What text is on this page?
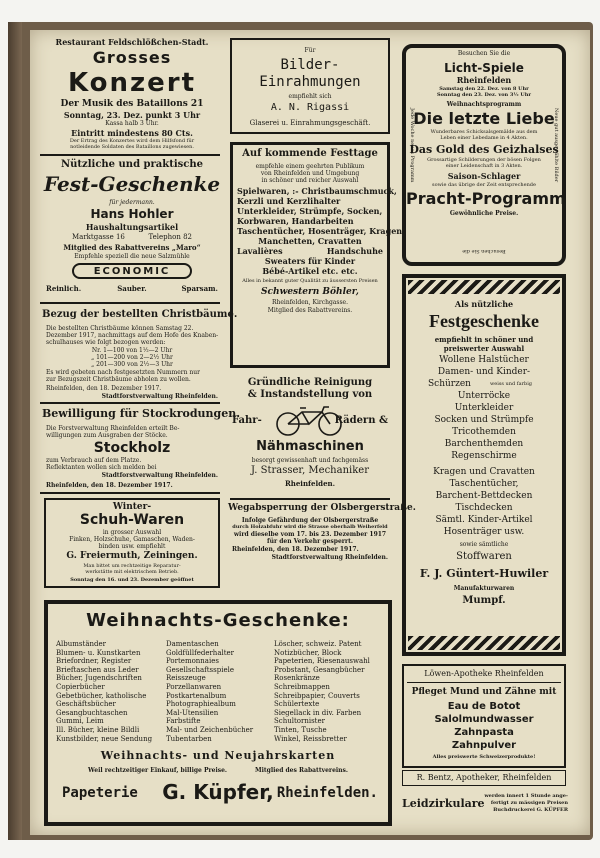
Restaurant Feldschlößchen-Stadt.
Grosses
Konzert
Der Musik des Bataillons 21
Sonntag, 23. Dez. punkt 3 Uhr
Kassa halb 3 Uhr.
Eintritt mindestens 80 Cts.
Der Ertrag des Konzertes wird dem Hilfsfond für
notleidende Soldaten des Bataillons zugewiesen.
Nützliche und praktische
Fest-Geschenke
für jedermann.
Hans Hohler
Haushaltungsartikel
Marktgasse 16	Telephon 82
Mitglied des Rabattvereins „Maro“
Empfehle speziell die neue Salzmühle
ECONOMIC
Reinlich.	Sauber.	Sparsam.
Bezug der bestellten Christbäume.
Die bestellten Christbäume können Samstag 22.
Dezember 1917, nachmittags auf dem Hofe des Knaben-
schulhauses wie folgt bezogen werden:
Nr. 1—100 von 1½—2 Uhr
„ 101—200 von 2—2½ Uhr
„ 201—300 von 2½—3 Uhr
Es wird gebeten nach festgesetzten Nummern nur
zur Bezugszeit Christbäume abholen zu wollen.
Rheinfelden, den 18. Dezember 1917.
Stadtforstverwaltung Rheinfelden.
Bewilligung für Stockrodungen.
Die Forstverwaltung Rheinfelden erteilt Be-
willigungen zum Ausgraben der Stöcke.
Stockholz
zum Verbrauch auf dem Platze.
Reflektanten wollen sich melden bei
Stadtforstverwaltung Rheinfelden.
Rheinfelden, den 18. Dezember 1917.
Winter-
Schuh-Waren
in grosser Auswahl
Finken, Holzschuhe, Gamaschen, Waden-
binden usw. empfiehlt
G. Freiermuth, Zeiningen.
Man bittet um rechtzeitige Reparatur-
werkstätte mit elektrischem Betrieb.
Sonntag den 16. und 23. Dezember geöffnet
Für
Bilder-
Einrahmungen
empfiehlt sich
A. N. Rigassi
Glaserei u. Einrahmungsgeschäft.
Auf kommende Festtage
empfehle einem geehrten Publikum
von Rheinfelden und Umgebung
in schöner und reicher Auswahl
Spielwaren, :- Christbaumschmuck,
Kerzli und Kerzlihalter
Unterkleider, Strümpfe, Socken,
Korbwaren, Handarbeiten
Taschentücher, Hosenträger, Kragen
Manchetten, Cravatten
Lavalières	Handschuhe
Sweaters für Kinder
Bébé-Artikel etc. etc.
Alles in bekannt guter Qualität zu äussersten Preisen
Schwestern Böhler,
Rheinfelden, Kirchgasse.
Mitglied des Rabattvereins.
Gründliche Reinigung
& Instandstellung von
Fahr-	Rädern &
Nähmaschinen
besorgt gewissenhaft und fachgemäss
J. Strasser, Mechaniker
Rheinfelden.
Wegabsperrung der Olsbergerstraße.
Infolge Gefährdung der Olsbergerstraße
durch Holzabfuhr wird die Strasse oberhalb Weiherfeld
wird dieselbe vom 17. bis 23. Dezember 1917
für den Verkehr gesperrt.
Rheinfelden, den 18. Dezember 1917.
Stadtforstverwaltung Rheinfelden.
Besuchen Sie die
Jede Woche neues Programm	Neue gut ausgewählte Bilder
Licht-Spiele
Rheinfelden
Samstag den 22. Dez. von 8 Uhr
Sonntag den 23. Dez. von 3½ Uhr
Weihnachtsprogramm
Die letzte Liebe
Wunderbares Schicksalsgemälde aus dem
Leben einer Lebedame in 4 Akten.
Das Gold des Geizhalses
Grossartige Schilderungen der bösen Folgen
einer Leidenschaft in 3 Akten.
Saison-Schlager
sowie das übrige der Zeit entsprechende
Pracht-Programm
Gewöhnliche Preise.
Besuchen Sie die
Als nützliche
Festgeschenke
empfiehlt in schöner und
preiswerter Auswahl
Wollene Halstücher
Damen- und Kinder-
Schürzen	weiss und farbig
Unterröcke
Unterkleider
Socken und Strümpfe
Tricothemden
Barchenthemden
Regenschirme
Kragen und Cravatten
Taschentücher,
Barchent-Bettdecken
Tischdecken
Sämtl. Kinder-Artikel
Hosenträger usw.
sowie sämtliche
Stoffwaren
F. J. Güntert-Huwiler
Manufakturwaren
Mumpf.
Löwen-Apotheke Rheinfelden
Pfleget Mund und Zähne mit
Eau de Botot
Salolmundwasser
Zahnpasta
Zahnpulver
Alles preiswerte Schweizerprodukte!
R. Bentz, Apotheker, Rheinfelden
Leidzirkulare
werden innert 1 Stunde ange-
fertigt zu mässigen Preisen
Buchdruckerei G. KÜPFER
Weihnachts-Geschenke:
Albumständer
Blumen- u. Kunstkarten
Briefordner, Register
Brieftaschen aus Leder
Bücher, Jugendschriften
Copierbücher
Gebetbücher, katholische
Geschäftsbücher
Gesangbuchtaschen
Gummi, Leim
Ill. Bücher, kleine Bildli
Kunstbilder, neue Sendung
Damentaschen
Goldfüllfederhalter
Portemonnaies
Gesellschaftsspiele
Reisszeuge
Porzellanwaren
Postkartenalbum
Photographiealbum
Mal-Utensilien
Farbstifte
Mal- und Zeichenbücher
Tubentarben
Löscher, schweiz. Patent
Notizbücher, Block
Papeterien, Riesenauswahl
Probstant, Gesangbücher
Rosenkränze
Schreibmappen
Schreibpapier, Couverts
Schülertexte
Siegellack in div. Farben
Schultornister
Tinten, Tusche
Winkel, Reissbretter
Weihnachts- und Neujahrskarten
Weil rechtzeitiger Einkauf, billige Preise.	Mitglied des Rabattvereins.
Papeterie	G. Küpfer, Rheinfelden.
